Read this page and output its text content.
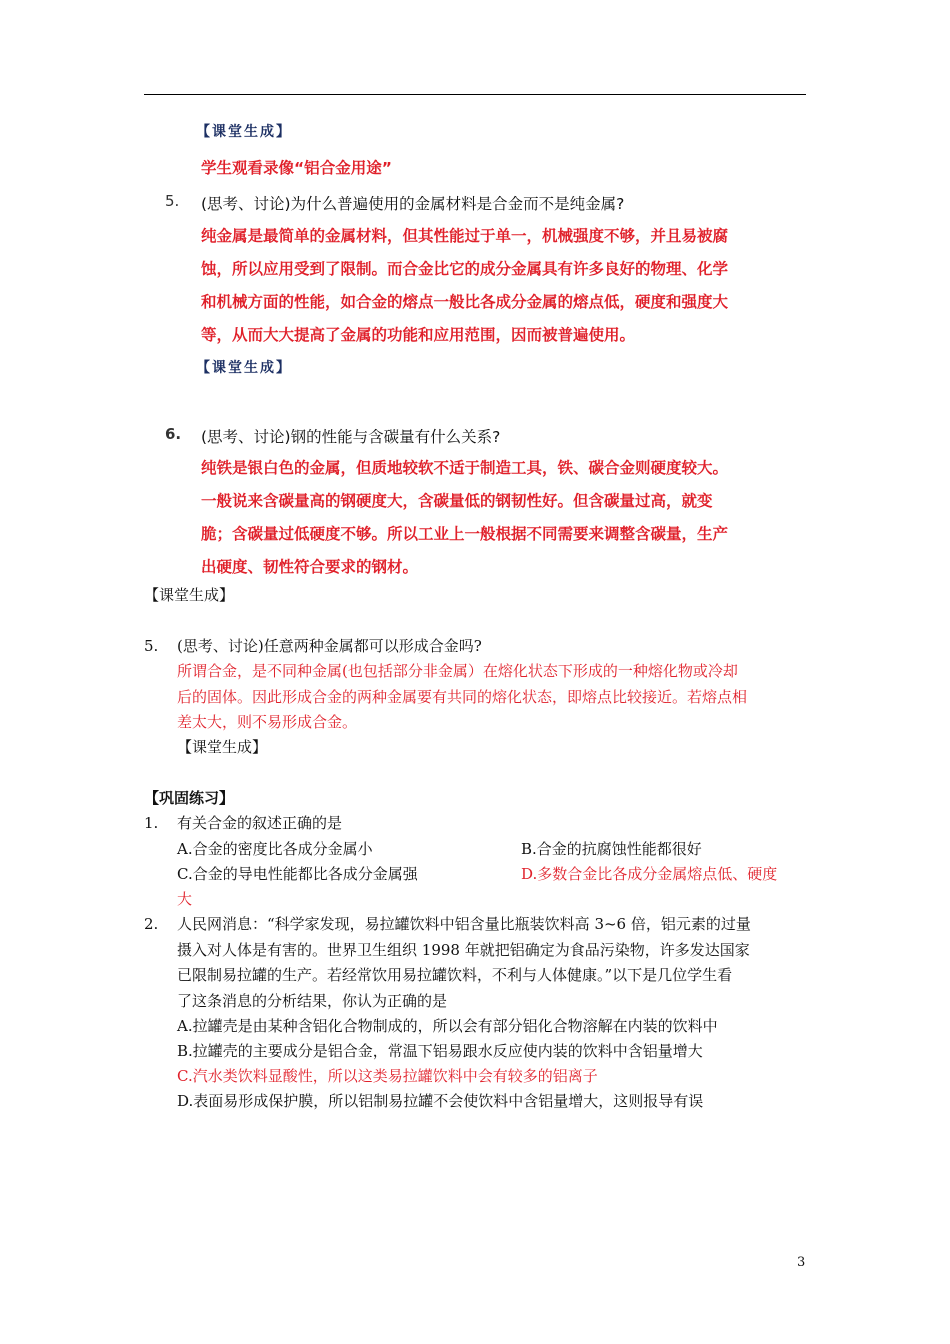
【课堂生成】
学生观看录像“铝合金用途”
5. (思考、讨论)为什么普遍使用的金属材料是合金而不是纯金属?
纯金属是最简单的金属材料，但其性能过于单一，机械强度不够，并且易被腐
蚀，所以应用受到了限制。而合金比它的成分金属具有许多良好的物理、化学
和机械方面的性能，如合金的熔点一般比各成分金属的熔点低，硬度和强度大
等，从而大大提高了金属的功能和应用范围，因而被普遍使用。
【课堂生成】
6. (思考、讨论)钢的性能与含碳量有什么关系?
纯铁是银白色的金属，但质地较软不适于制造工具，铁、碳合金则硬度较大。
一般说来含碳量高的钢硬度大，含碳量低的钢韧性好。但含碳量过高，就变
脆；含碳量过低硬度不够。所以工业上一般根据不同需要来调整含碳量，生产
出硬度、韧性符合要求的钢材。
【课堂生成】
5. (思考、讨论)任意两种金属都可以形成合金吗?
所谓合金，是不同种金属(也包括部分非金属）在熔化状态下形成的一种熔化物或冷却
后的固体。因此形成合金的两种金属要有共同的熔化状态，即熔点比较接近。若熔点相
差太大，则不易形成合金。
【课堂生成】
【巩固练习】
1. 有关合金的叙述正确的是
A.合金的密度比各成分金属小	B.合金的抗腐蚀性能都很好
C.合金的导电性能都比各成分金属强	D.多数合金比各成分金属熔点低、硬度
大
2. 人民网消息：“科学家发现，易拉罐饮料中铝含量比瓶装饮料高 3~6 倍，铝元素的过量
摄入对人体是有害的。世界卫生组织 1998 年就把铝确定为食品污染物，许多发达国家
已限制易拉罐的生产。若经常饮用易拉罐饮料，不利与人体健康。”以下是几位学生看
了这条消息的分析结果，你认为正确的是
A.拉罐壳是由某种含铝化合物制成的，所以会有部分铝化合物溶解在内装的饮料中
B.拉罐壳的主要成分是铝合金，常温下铝易跟水反应使内装的饮料中含铝量增大
C.汽水类饮料显酸性，所以这类易拉罐饮料中会有较多的铝离子
D.表面易形成保护膜，所以铝制易拉罐不会使饮料中含铝量增大，这则报导有误
3
